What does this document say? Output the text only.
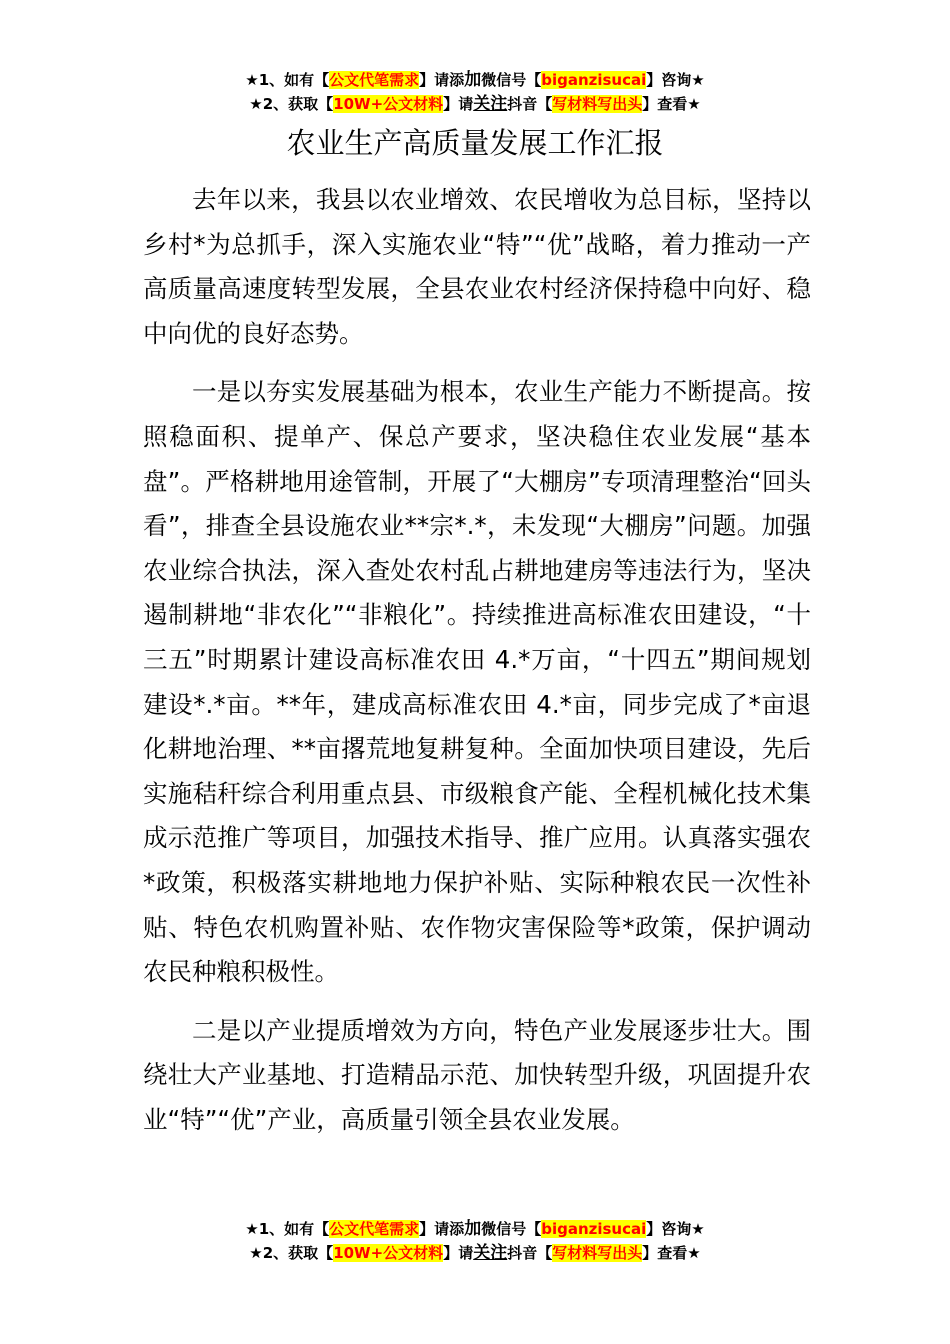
★1、如有【公文代笔需求】请添加微信号【biganzisucai】咨询★
★2、获取【10W+公文材料】请关注抖音【写材料写出头】查看★
农业生产高质量发展工作汇报

去年以来，我县以农业增效、农民增收为总目标，坚持以乡村*为总抓手，深入实施农业“特”“优”战略，着力推动一产高质量高速度转型发展，全县农业农村经济保持稳中向好、稳中向优的良好态势。

一是以夯实发展基础为根本，农业生产能力不断提高。按照稳面积、提单产、保总产要求，坚决稳住农业发展“基本盘”。严格耕地用途管制，开展了“大棚房”专项清理整治“回头看”，排查全县设施农业**宗*.*，未发现“大棚房”问题。加强农业综合执法，深入查处农村乱占耕地建房等违法行为，坚决遏制耕地“非农化”“非粮化”。持续推进高标准农田建设，“十三五”时期累计建设高标准农田 4.*万亩，“十四五”期间规划建设*.*亩。**年，建成高标准农田 4.*亩，同步完成了*亩退化耕地治理、**亩撂荒地复耕复种。全面加快项目建设，先后实施秸秆综合利用重点县、市级粮食产能、全程机械化技术集成示范推广等项目，加强技术指导、推广应用。认真落实强农*政策，积极落实耕地地力保护补贴、实际种粮农民一次性补贴、特色农机购置补贴、农作物灾害保险等*政策，保护调动农民种粮积极性。

二是以产业提质增效为方向，特色产业发展逐步壮大。围绕壮大产业基地、打造精品示范、加快转型升级，巩固提升农业“特”“优”产业，高质量引领全县农业发展。

★1、如有【公文代笔需求】请添加微信号【biganzisucai】咨询★
★2、获取【10W+公文材料】请关注抖音【写材料写出头】查看★
